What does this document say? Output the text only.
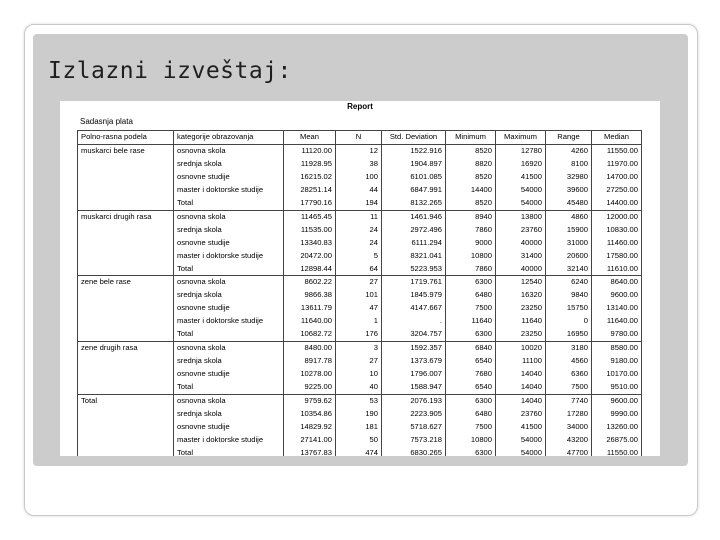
Izlazni izveštaj:
Report
Sadasnja plata
Polno-rasna podela	kategorije obrazovanja	Mean	N	Std. Deviation	Minimum	Maximum	Range	Median
muskarci bele rase	osnovna skola	11120.00	12	1522.916	8520	12780	4260	11550.00
	srednja skola	11928.95	38	1904.897	8820	16920	8100	11970.00
	osnovne studije	16215.02	100	6101.085	8520	41500	32980	14700.00
	master i doktorske studije	28251.14	44	6847.991	14400	54000	39600	27250.00
	Total	17790.16	194	8132.265	8520	54000	45480	14400.00
muskarci drugih rasa	osnovna skola	11465.45	11	1461.946	8940	13800	4860	12000.00
	srednja skola	11535.00	24	2972.496	7860	23760	15900	10830.00
	osnovne studije	13340.83	24	6111.294	9000	40000	31000	11460.00
	master i doktorske studije	20472.00	5	8321.041	10800	31400	20600	17580.00
	Total	12898.44	64	5223.953	7860	40000	32140	11610.00
zene bele rase	osnovna skola	8602.22	27	1719.761	6300	12540	6240	8640.00
	srednja skola	9866.38	101	1845.979	6480	16320	9840	9600.00
	osnovne studije	13611.79	47	4147.667	7500	23250	15750	13140.00
	master i doktorske studije	11640.00	1	.	11640	11640	0	11640.00
	Total	10682.72	176	3204.757	6300	23250	16950	9780.00
zene drugih rasa	osnovna skola	8480.00	3	1592.357	6840	10020	3180	8580.00
	srednja skola	8917.78	27	1373.679	6540	11100	4560	9180.00
	osnovne studije	10278.00	10	1796.007	7680	14040	6360	10170.00
	Total	9225.00	40	1588.947	6540	14040	7500	9510.00
Total	osnovna skola	9759.62	53	2076.193	6300	14040	7740	9600.00
	srednja skola	10354.86	190	2223.905	6480	23760	17280	9990.00
	osnovne studije	14829.92	181	5718.627	7500	41500	34000	13260.00
	master i doktorske studije	27141.00	50	7573.218	10800	54000	43200	26875.00
	Total	13767.83	474	6830.265	6300	54000	47700	11550.00
